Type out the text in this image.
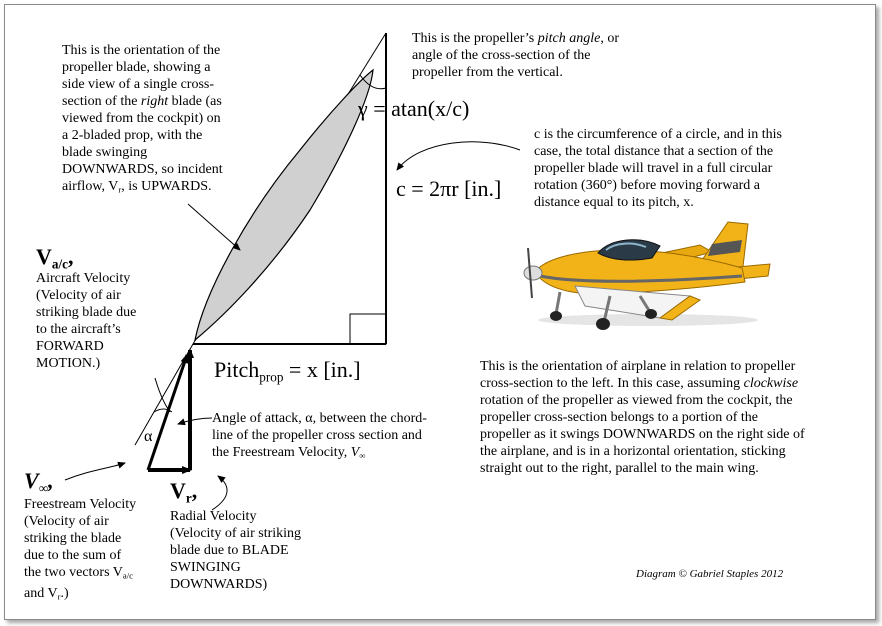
This is the orientation of the
propeller blade, showing a
side view of a single cross-
section of the right blade (as
viewed from the cockpit) on
a 2-bladed prop, with the
blade swinging
DOWNWARDS, so incident
airflow, $V_r$, is UPWARDS.
This is the propeller’s pitch angle, or
angle of the cross-section of the
propeller from the vertical.
γ = atan(x/c)
c = 2πr [in.]
c is the circumference of a circle, and in this
case, the total distance that a section of the
propeller blade will travel in a full circular
rotation (360°) before moving forward a
distance equal to its pitch, x.
Pitch$_{prop}$ = x [in.]
$V_{a/c}$,
Aircraft Velocity
(Velocity of air
striking blade due
to the aircraft’s
FORWARD
MOTION.)
α
$V_\infty$,
Freestream Velocity
(Velocity of air
striking the blade
due to the sum of
the two vectors $V_{a/c}$
and $V_r$.)
$V_r$,
Radial Velocity
(Velocity of air striking
blade due to BLADE
SWINGING
DOWNWARDS)
Angle of attack, α, between the chord-
line of the propeller cross section and
the Freestream Velocity, $V_\infty$
This is the orientation of airplane in relation to propeller
cross-section to the left. In this case, assuming clockwise
rotation of the propeller as viewed from the cockpit, the
propeller cross-section belongs to a portion of the
propeller as it swings DOWNWARDS on the right side of
the airplane, and is in a horizontal orientation, sticking
straight out to the right, parallel to the main wing.
Diagram © Gabriel Staples 2012
